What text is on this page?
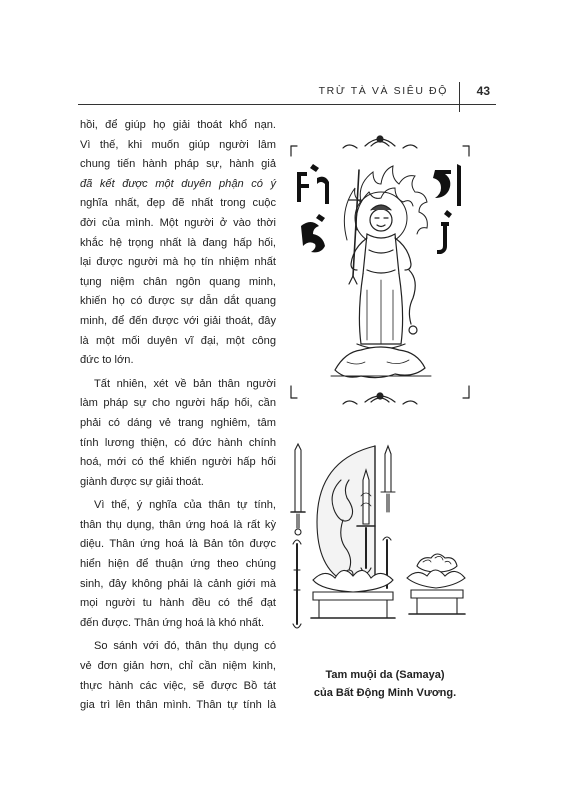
TRỪ TÀ VÀ SIÊU ĐỘ 43
hồi, để giúp họ giải thoát khổ nạn.
Vì thế, khi muốn giúp người lâm
chung tiến hành pháp sự, hành giả
đã kết được một duyên phận có ý
nghĩa nhất, đẹp đẽ nhất trong cuộc
đời của mình. Một người ở vào thời
khắc hệ trọng nhất là đang hấp hối,
lại được người mà họ tín nhiệm nhất
tụng niệm chân ngôn quang minh,
khiến họ có được sự dẫn dắt quang
minh, để đến được với giải thoát, đây
là một mối duyên vĩ đại, một công
đức to lớn.
Tất nhiên, xét về bản thân người
làm pháp sự cho người hấp hối, cần
phải có dáng vẻ trang nghiêm, tâm
tính lương thiện, có đức hành chính
hoá, mới có thể khiến người hấp hối
giành được sự giải thoát.
Vì thế, ý nghĩa của thân tự tính,
thân thụ dụng, thân ứng hoá là rất kỳ
diệu. Thân ứng hoá là Bản tôn được
hiển hiện để thuận ứng theo chúng
sinh, đây không phải là cảnh giới mà
mọi người tu hành đều có thể đạt
đến được. Thân ứng hoá là khó nhất.
So sánh với đó, thân thụ dụng có
vẻ đơn giản hơn, chỉ cần niệm kinh,
thực hành các việc, sẽ được Bồ tát
gia trì lên thân mình. Thân tự tính là
Tam muội da (Samaya)
của Bất Động Minh Vương.
